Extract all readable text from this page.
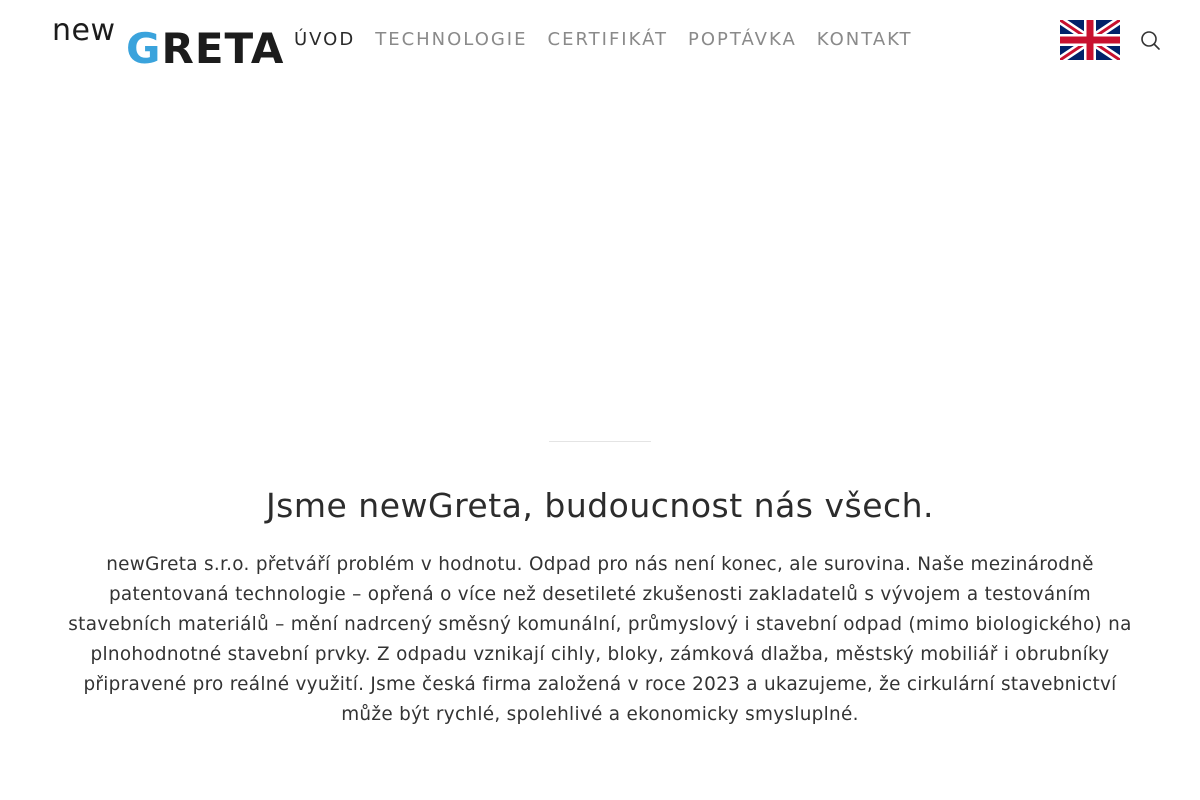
new GRETA ÚVOD TECHNOLOGIE CERTIFIKÁT POPTÁVKA KONTAKT
Jsme newGreta, budoucnost nás všech.

newGreta s.r.o. přetváří problém v hodnotu. Odpad pro nás není konec, ale surovina. Naše mezinárodně patentovaná technologie – opřená o více než desetileté zkušenosti zakladatelů s vývojem a testováním stavebních materiálů – mění nadrcený směsný komunální, průmyslový i stavební odpad (mimo biologického) na plnohodnotné stavební prvky. Z odpadu vznikají cihly, bloky, zámková dlažba, městský mobiliář i obrubníky připravené pro reálné využití. Jsme česká firma založená v roce 2023 a ukazujeme, že cirkulární stavebnictví může být rychlé, spolehlivé a ekonomicky smysluplné.
